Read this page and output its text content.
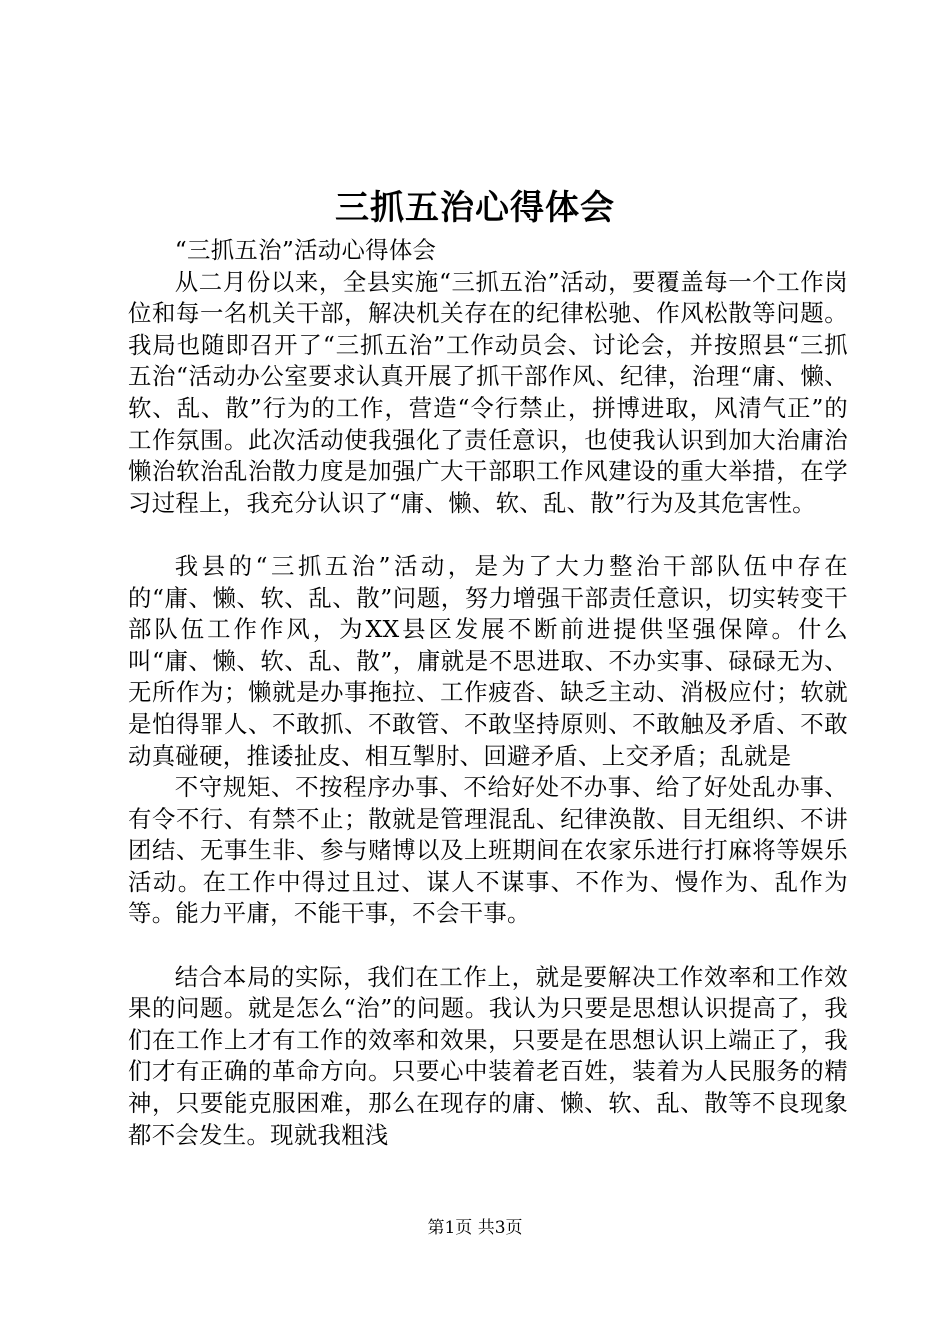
三抓五治心得体会

“三抓五治”活动心得体会

从二月份以来，全县实施“三抓五治”活动，要覆盖每一个工作岗位和每一名机关干部，解决机关存在的纪律松驰、作风松散等问题。我局也随即召开了“三抓五治”工作动员会、讨论会，并按照县“三抓五治“活动办公室要求认真开展了抓干部作风、纪律，治理“庸、懒、软、乱、散”行为的工作，营造“令行禁止，拼博进取，风清气正”的工作氛围。此次活动使我强化了责任意识，也使我认识到加大治庸治懒治软治乱治散力度是加强广大干部职工作风建设的重大举措，在学习过程上，我充分认识了“庸、懒、软、乱、散”行为及其危害性。

我县的“三抓五治”活动，是为了大力整治干部队伍中存在的“庸、懒、软、乱、散”问题，努力增强干部责任意识，切实转变干部队伍工作作风，为XX县区发展不断前进提供坚强保障。什么叫“庸、懒、软、乱、散”，庸就是不思进取、不办实事、碌碌无为、无所作为；懒就是办事拖拉、工作疲沓、缺乏主动、消极应付；软就是怕得罪人、不敢抓、不敢管、不敢坚持原则、不敢触及矛盾、不敢动真碰硬，推诿扯皮、相互掣肘、回避矛盾、上交矛盾；乱就是

不守规矩、不按程序办事、不给好处不办事、给了好处乱办事、有令不行、有禁不止；散就是管理混乱、纪律涣散、目无组织、不讲团结、无事生非、参与赌博以及上班期间在农家乐进行打麻将等娱乐活动。在工作中得过且过、谋人不谋事、不作为、慢作为、乱作为等。能力平庸，不能干事，不会干事。

结合本局的实际，我们在工作上，就是要解决工作效率和工作效果的问题。就是怎么“治”的问题。我认为只要是思想认识提高了，我们在工作上才有工作的效率和效果，只要是在思想认识上端正了，我们才有正确的革命方向。只要心中装着老百姓，装着为人民服务的精神，只要能克服困难，那么在现存的庸、懒、软、乱、散等不良现象都不会发生。现就我粗浅

第1页 共3页
